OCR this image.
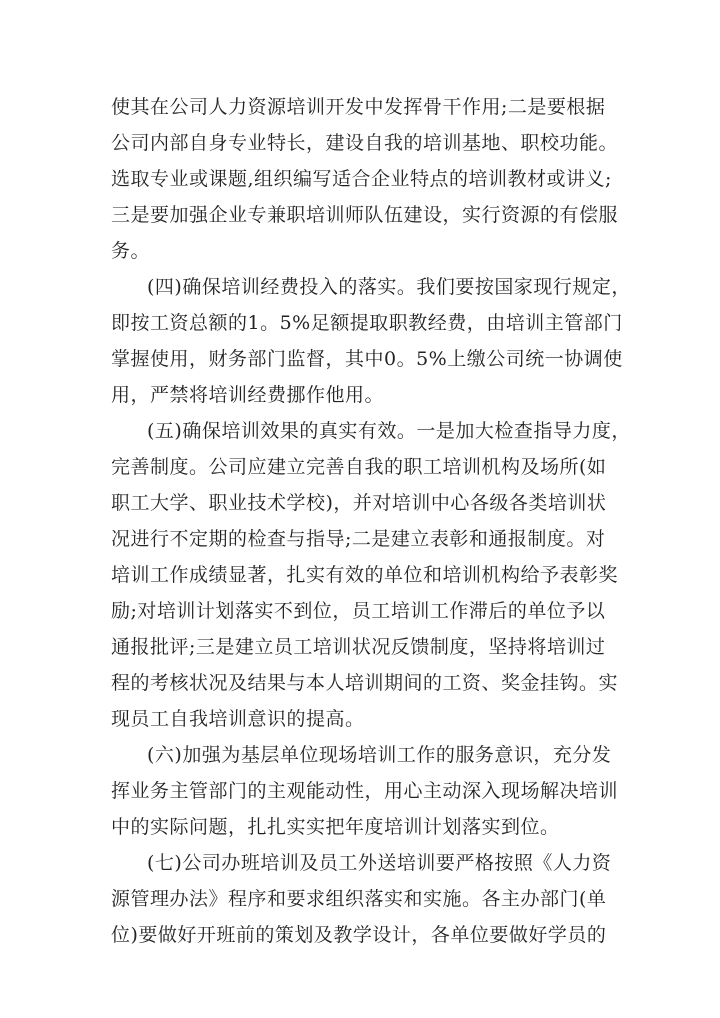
使其在公司人力资源培训开发中发挥骨干作用;二是要根据
公司内部自身专业特长，建设自我的培训基地、职校功能。
选取专业或课题,组织编写适合企业特点的培训教材或讲义;
三是要加强企业专兼职培训师队伍建设，实行资源的有偿服
务。
(四)确保培训经费投入的落实。我们要按国家现行规定，
即按工资总额的1。5%足额提取职教经费，由培训主管部门
掌握使用，财务部门监督，其中0。5%上缴公司统一协调使
用，严禁将培训经费挪作他用。
(五)确保培训效果的真实有效。一是加大检查指导力度，
完善制度。公司应建立完善自我的职工培训机构及场所(如
职工大学、职业技术学校)，并对培训中心各级各类培训状
况进行不定期的检查与指导;二是建立表彰和通报制度。对
培训工作成绩显著，扎实有效的单位和培训机构给予表彰奖
励;对培训计划落实不到位，员工培训工作滞后的单位予以
通报批评;三是建立员工培训状况反馈制度，坚持将培训过
程的考核状况及结果与本人培训期间的工资、奖金挂钩。实
现员工自我培训意识的提高。
(六)加强为基层单位现场培训工作的服务意识，充分发
挥业务主管部门的主观能动性，用心主动深入现场解决培训
中的实际问题，扎扎实实把年度培训计划落实到位。
(七)公司办班培训及员工外送培训要严格按照《人力资
源管理办法》程序和要求组织落实和实施。各主办部门(单
位)要做好开班前的策划及教学设计，各单位要做好学员的
